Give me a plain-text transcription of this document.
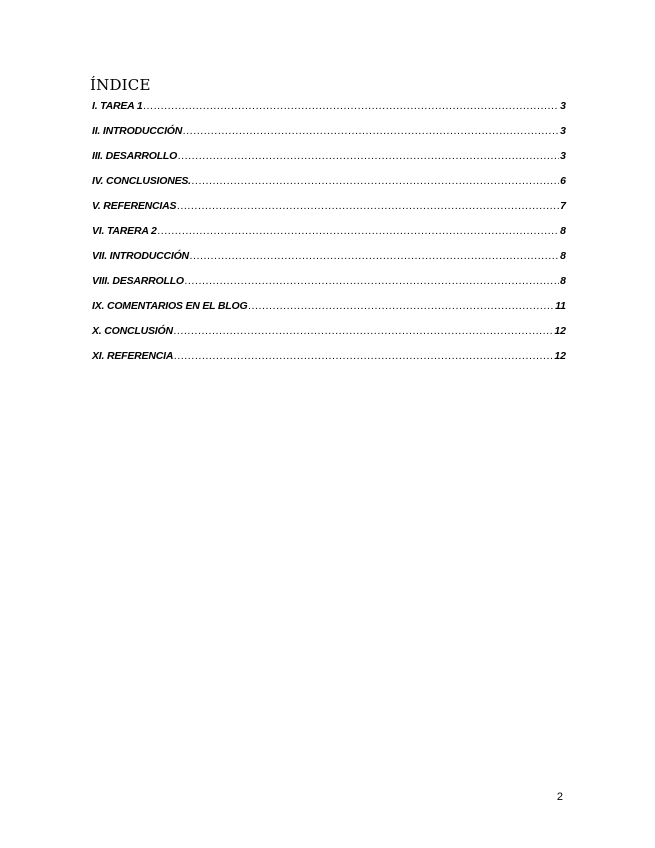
ÍNDICE
I. TAREA 1 .....	3
II. INTRODUCCIÓN .....	3
III. DESARROLLO .....	3
IV. CONCLUSIONES. .....	6
V. REFERENCIAS .....	7
VI. TARERA 2 .....	8
VII. INTRODUCCIÓN .....	8
VIII. DESARROLLO .....	8
IX. COMENTARIOS EN EL BLOG .....	11
X. CONCLUSIÓN .....	12
XI. REFERENCIA .....	12
2
